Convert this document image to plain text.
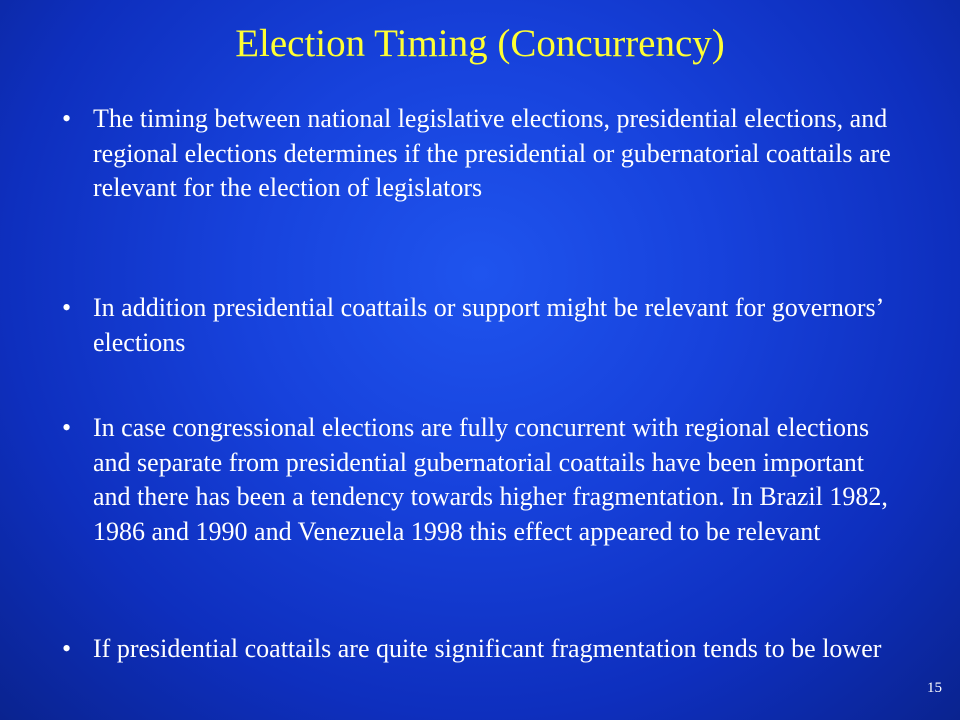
Election Timing (Concurrency)
• The timing between national legislative elections, presidential elections, and regional elections determines if the presidential or gubernatorial coattails are relevant for the election of legislators
• In addition presidential coattails or support might be relevant for governors’ elections
• In case congressional elections are fully concurrent with regional elections and separate from presidential gubernatorial coattails have been important and there has been a tendency towards higher fragmentation. In Brazil 1982, 1986 and 1990 and Venezuela 1998 this effect appeared to be relevant
• If presidential coattails are quite significant fragmentation tends to be lower
15
